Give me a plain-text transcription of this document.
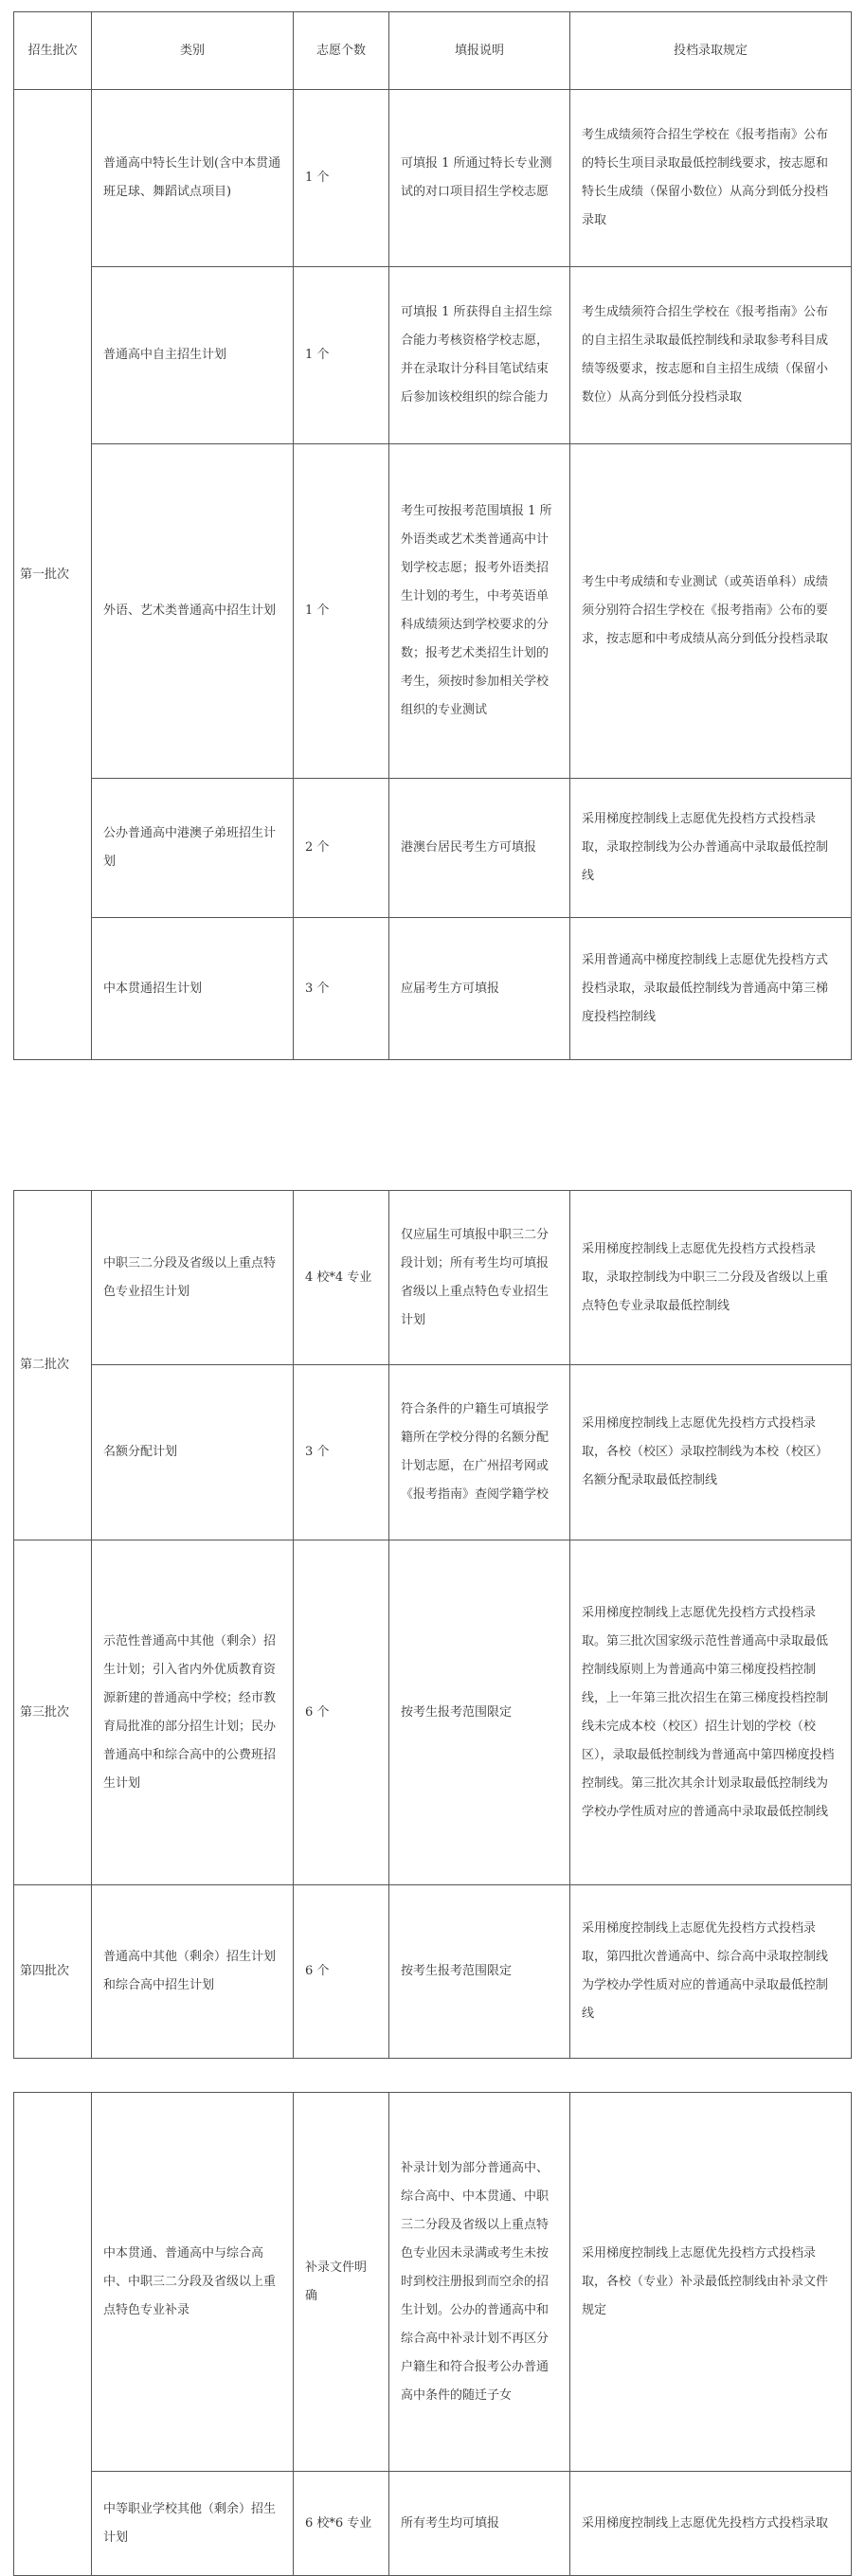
招生批次	类别	志愿个数	填报说明	投档录取规定
第一批次	普通高中特长生计划(含中本贯通班足球、舞蹈试点项目)	1 个	可填报 1 所通过特长专业测试的对口项目招生学校志愿	考生成绩须符合招生学校在《报考指南》公布的特长生项目录取最低控制线要求，按志愿和特长生成绩（保留小数位）从高分到低分投档录取
	普通高中自主招生计划	1 个	可填报 1 所获得自主招生综合能力考核资格学校志愿，并在录取计分科目笔试结束后参加该校组织的综合能力	考生成绩须符合招生学校在《报考指南》公布的自主招生录取最低控制线和录取参考科目成绩等级要求，按志愿和自主招生成绩（保留小数位）从高分到低分投档录取
	外语、艺术类普通高中招生计划	1 个	考生可按报考范围填报 1 所外语类或艺术类普通高中计划学校志愿；报考外语类招生计划的考生，中考英语单科成绩须达到学校要求的分数；报考艺术类招生计划的考生，须按时参加相关学校组织的专业测试	考生中考成绩和专业测试（或英语单科）成绩须分别符合招生学校在《报考指南》公布的要求，按志愿和中考成绩从高分到低分投档录取
	公办普通高中港澳子弟班招生计划	2 个	港澳台居民考生方可填报	采用梯度控制线上志愿优先投档方式投档录取，录取控制线为公办普通高中录取最低控制线
	中本贯通招生计划	3 个	应届考生方可填报	采用普通高中梯度控制线上志愿优先投档方式投档录取，录取最低控制线为普通高中第三梯度投档控制线
第二批次	中职三二分段及省级以上重点特色专业招生计划	4 校*4 专业	仅应届生可填报中职三二分段计划；所有考生均可填报省级以上重点特色专业招生计划	采用梯度控制线上志愿优先投档方式投档录取，录取控制线为中职三二分段及省级以上重点特色专业录取最低控制线
	名额分配计划	3 个	符合条件的户籍生可填报学籍所在学校分得的名额分配计划志愿，在广州招考网或《报考指南》查阅学籍学校	采用梯度控制线上志愿优先投档方式投档录取，各校（校区）录取控制线为本校（校区）名额分配录取最低控制线
第三批次	示范性普通高中其他（剩余）招生计划；引入省内外优质教育资源新建的普通高中学校；经市教育局批准的部分招生计划；民办普通高中和综合高中的公费班招生计划	6 个	按考生报考范围限定	采用梯度控制线上志愿优先投档方式投档录取。第三批次国家级示范性普通高中录取最低控制线原则上为普通高中第三梯度投档控制线，上一年第三批次招生在第三梯度投档控制线未完成本校（校区）招生计划的学校（校区），录取最低控制线为普通高中第四梯度投档控制线。第三批次其余计划录取最低控制线为学校办学性质对应的普通高中录取最低控制线
第四批次	普通高中其他（剩余）招生计划和综合高中招生计划	6 个	按考生报考范围限定	采用梯度控制线上志愿优先投档方式投档录取，第四批次普通高中、综合高中录取控制线为学校办学性质对应的普通高中录取最低控制线
	中本贯通、普通高中与综合高中、中职三二分段及省级以上重点特色专业补录	补录文件明确	补录计划为部分普通高中、综合高中、中本贯通、中职三二分段及省级以上重点特色专业因未录满或考生未按时到校注册报到而空余的招生计划。公办的普通高中和综合高中补录计划不再区分户籍生和符合报考公办普通高中条件的随迁子女	采用梯度控制线上志愿优先投档方式投档录取，各校（专业）补录最低控制线由补录文件规定
	中等职业学校其他（剩余）招生计划	6 校*6 专业	所有考生均可填报	采用梯度控制线上志愿优先投档方式投档录取
